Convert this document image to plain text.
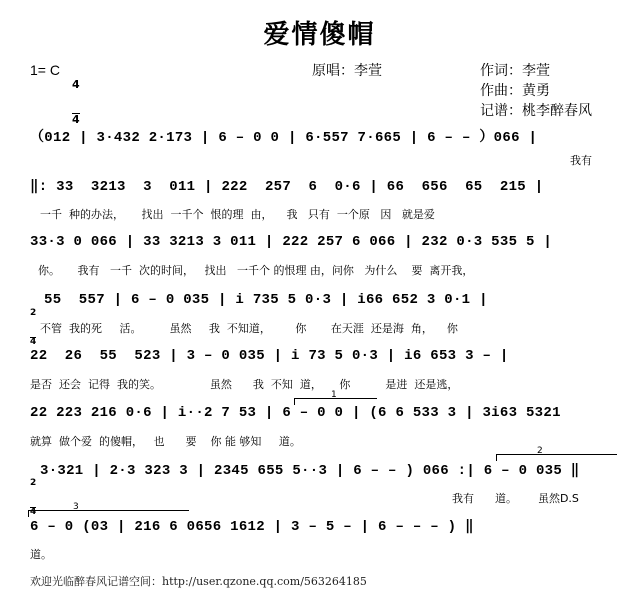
爱情傻帽
1= C

$\frac{4}{4}$	原唱：李萱	作词：李萱
作曲：黄勇
记谱：桃李醉春风
（012 | 3·432 2·173 | 6 – 0 0 | 6·557 7·665 | 6 – – ）066 |
我有
‖: 33  3213  3  011 | 222  257  6  0·6 | 66  656  65  215 |
一千  种的办法，     找出  一千个  恨的理  由，    我   只有  一个原   因   就是爱
33·3 0 066 | 33 3213 3 011 | 222 257 6 066 | 232 0·3 535 5 |
你。     我有   一千  次的时间，   找出   一千个 的恨理 由，问你   为什么    要  离开我，

$\frac{2}{4} 55$  557 | 6 – 0 035 | i 735 5 0·3 | i66 652 3 0·1 |
不管  我的死     活。        虽然     我  不知道，       你       在天涯  还是海  角，    你
22  26  55  523 | 3 – 0 035 | i 73 5 0·3 | i6 653 3 – |
是否  还会  记得  我的笑。              虽然      我  不知  道，     你          是进  还是逃，

1

22 223 216 0·6 | i··2 7 53 | 6 – 0 0 | (6 6 533 3 | 3i63 5321
就算  做个爱  的傻帽，   也      要    你 能 够知     道。

2

$\frac{2}{4} 3\cdot 321$ | 2·3 323 3 | 2345 655 5··3 | 6 – – ) 066 :| 6 – 0 035 ‖
我有      道。      虽然D.S

3

6 – 0 (03 | 216 6 0656 1612 | 3 – 5 – | 6 – – – ) ‖
道。
欢迎光临醉春风记谱空间：http://user.qzone.qq.com/563264185
